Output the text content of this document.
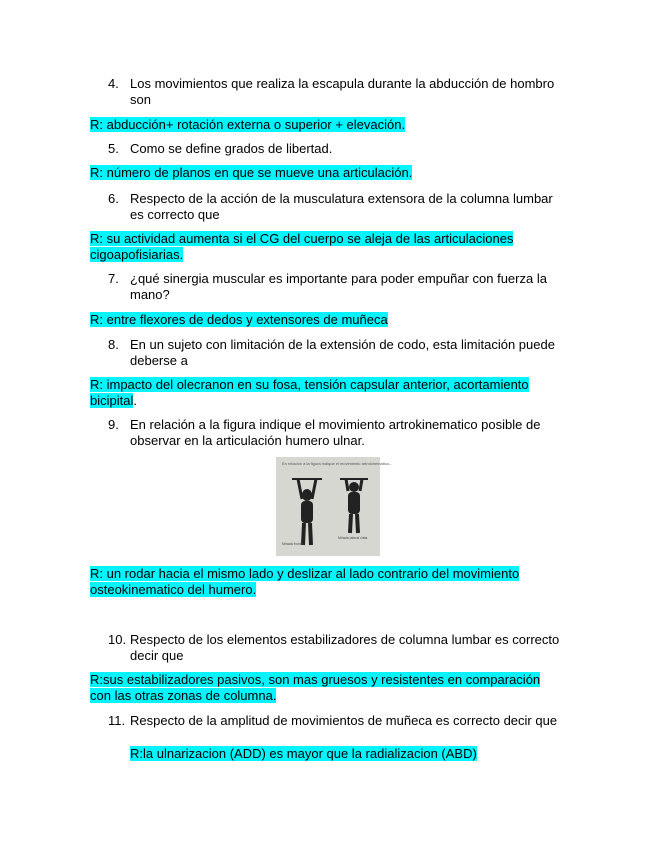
4. Los movimientos que realiza la escapula durante la abducción de hombro son
R: abducción+ rotación externa o superior + elevación.
5. Como se define grados de libertad.
R: número de planos en que se mueve una articulación.
6. Respecto de la acción de la musculatura extensora de la columna lumbar es correcto que
R: su actividad aumenta si el CG del cuerpo se aleja de las articulaciones cigoapofisiarias.
7. ¿qué sinergia muscular es importante para poder empuñar con fuerza la mano?
R: entre flexores de dedos y extensores de muñeca
8. En un sujeto con limitación de la extensión de codo, esta limitación puede deberse a
R: impacto del olecranon en su fosa, tensión capsular anterior, acortamiento bicipital.
9. En relación a la figura indique el movimiento artrokinematico posible de observar en la articulación humero ulnar.
En relación a la figura indique el movimiento artrokinematico...
Mirada frontal
Mirada lateral vista
R: un rodar hacia el mismo lado y deslizar al lado contrario del movimiento osteokinematico del humero.
10. Respecto de los elementos estabilizadores de columna lumbar es correcto decir que
R:sus estabilizadores pasivos, son mas gruesos y resistentes en comparación con las otras zonas de columna.
11. Respecto de la amplitud de movimientos de muñeca es correcto decir que
R:la ulnarizacion (ADD) es mayor que la radializacion (ABD)
